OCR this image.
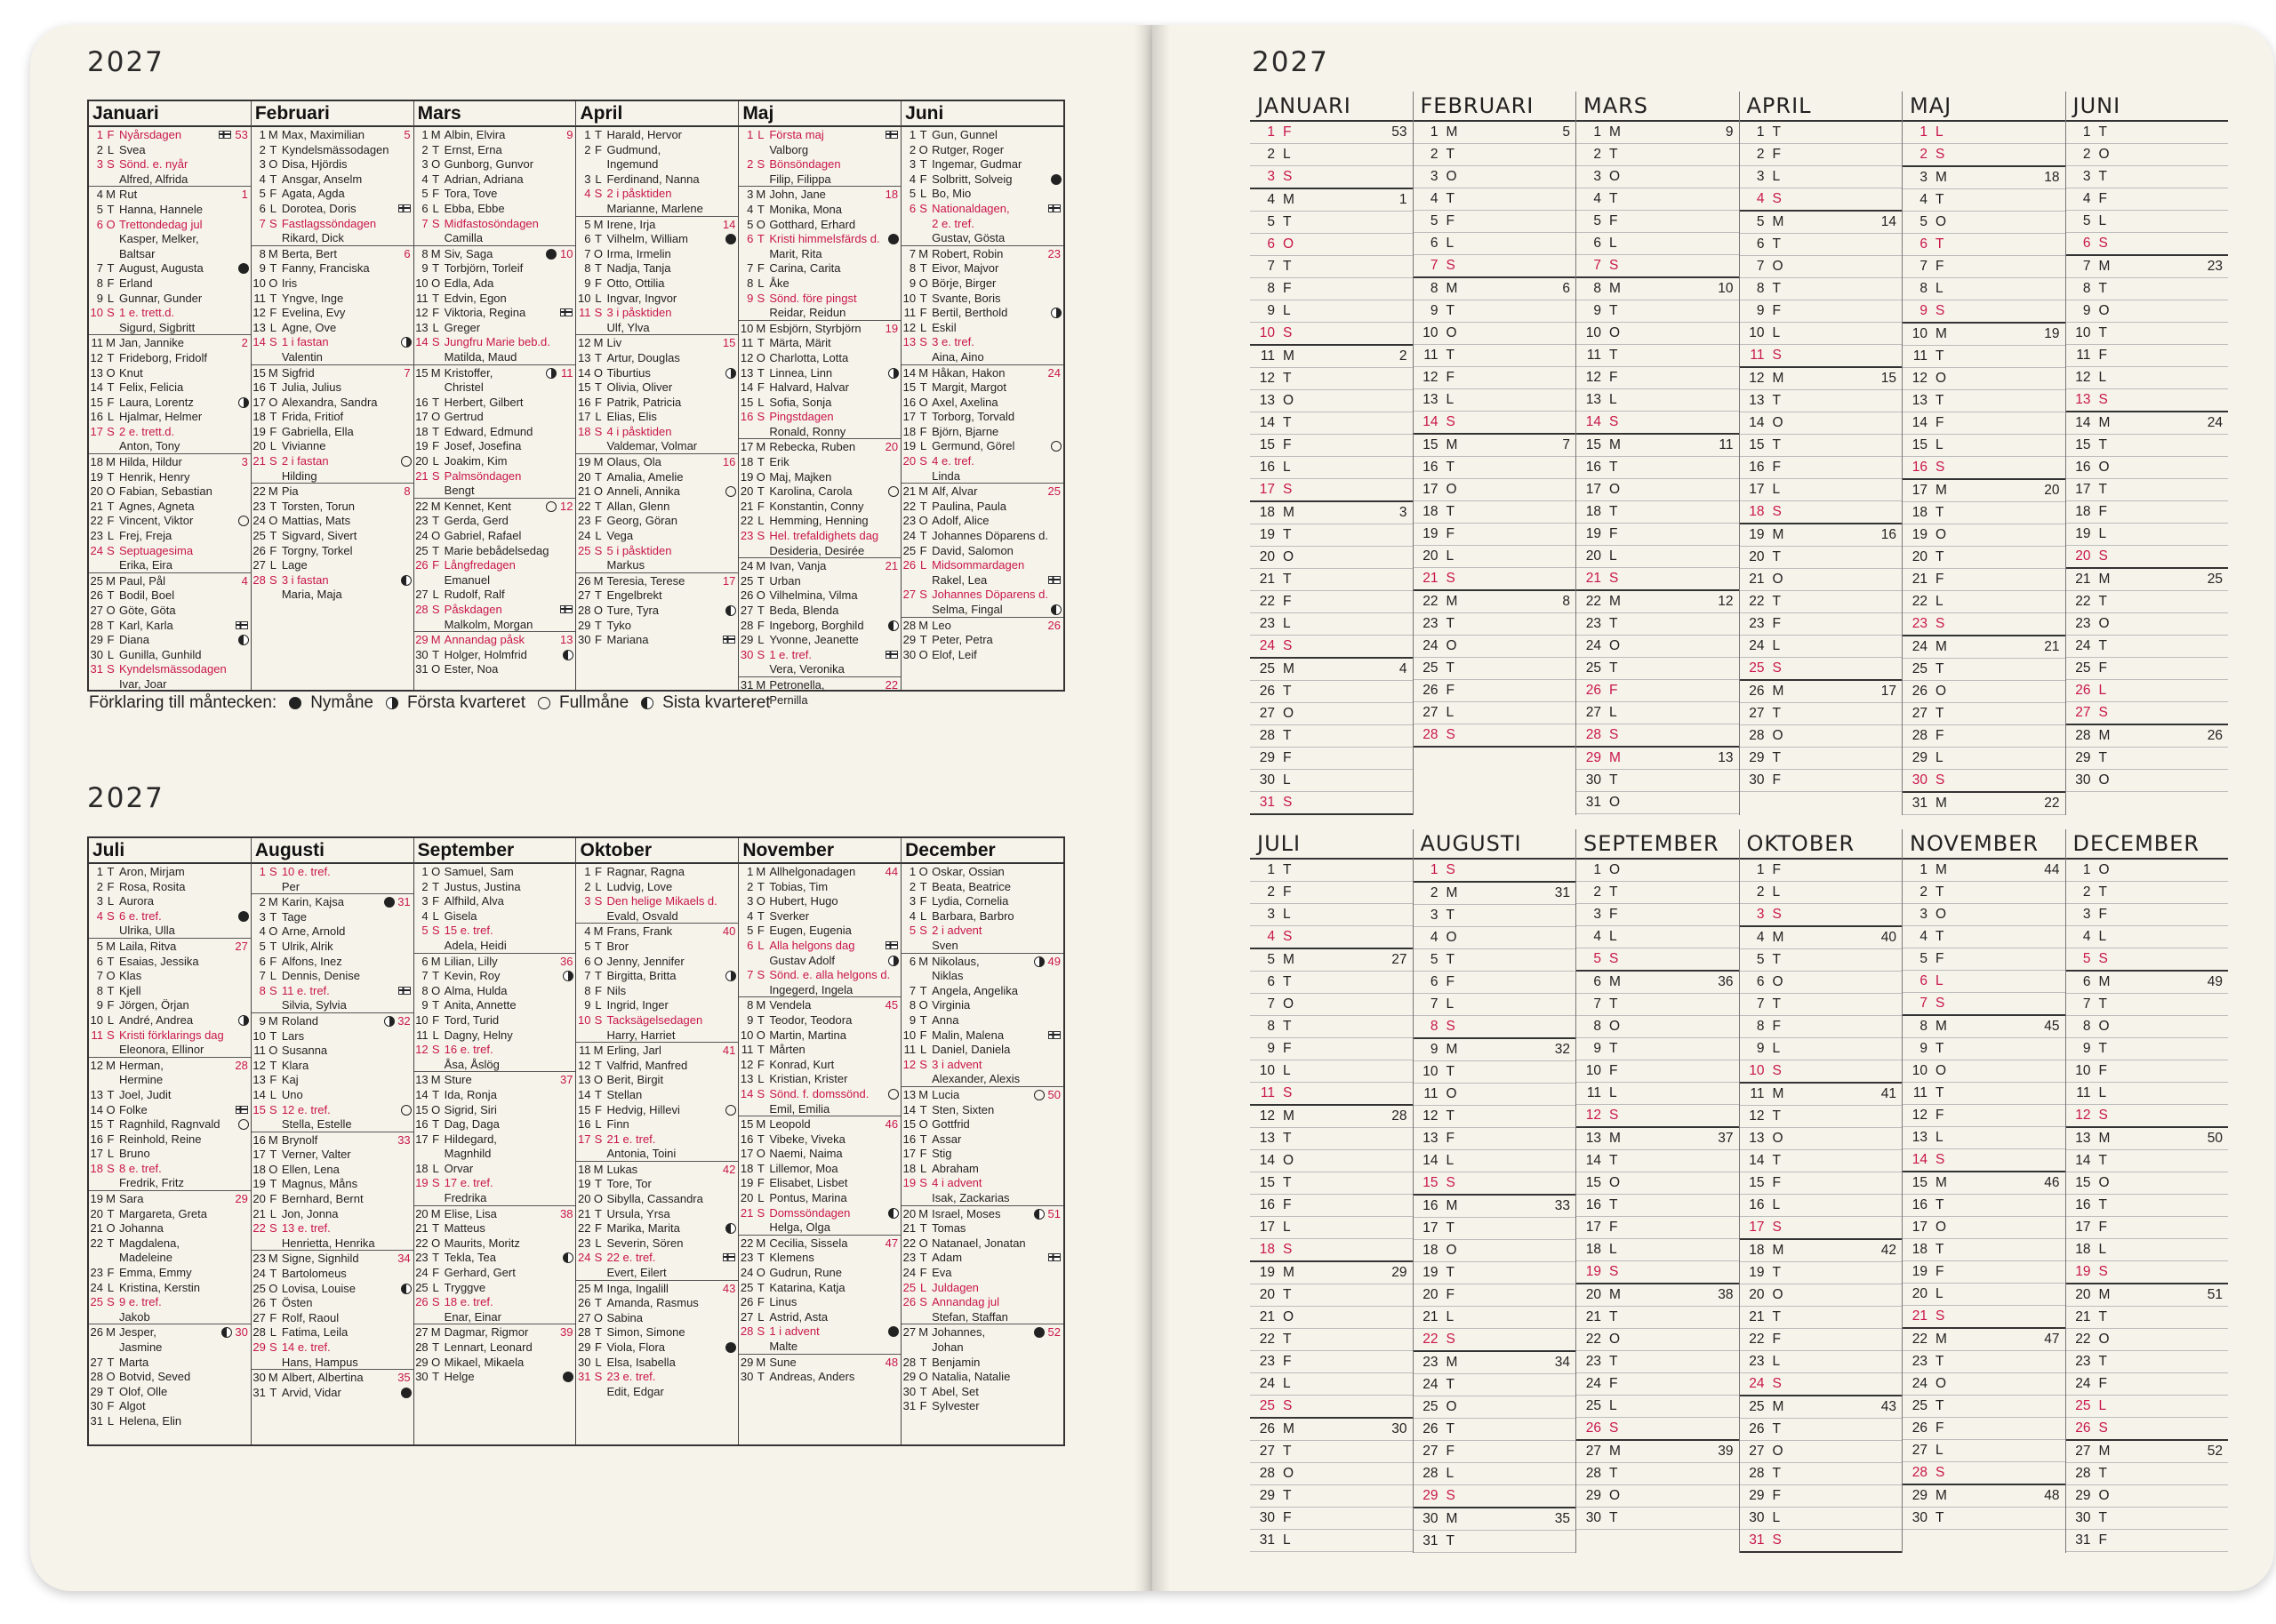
2027
2027
2027
Januari
1 F Nyårsdagen	53
2 L Svea
3 S Sönd. e. nyår
Alfred, Alfrida
4 M Rut	1
5 T Hanna, Hannele
6 O Trettondedag jul
Kasper, Melker,
Baltsar
7 T August, Augusta
8 F Erland
9 L Gunnar, Gunder
10 S 1 e. trett.d.
Sigurd, Sigbritt
11 M Jan, Jannike	2
12 T Frideborg, Fridolf
13 O Knut
14 T Felix, Felicia
15 F Laura, Lorentz
16 L Hjalmar, Helmer
17 S 2 e. trett.d.
Anton, Tony
18 M Hilda, Hildur	3
19 T Henrik, Henry
20 O Fabian, Sebastian
21 T Agnes, Agneta
22 F Vincent, Viktor
23 L Frej, Freja
24 S Septuagesima
Erika, Eira
25 M Paul, Pål	4
26 T Bodil, Boel
27 O Göte, Göta
28 T Karl, Karla
29 F Diana
30 L Gunilla, Gunhild
31 S Kyndelsmässodagen
Ivar, Joar
Februari
1 M Max, Maximilian	5
2 T Kyndelsmässodagen
3 O Disa, Hjördis
4 T Ansgar, Anselm
5 F Agata, Agda
6 L Dorotea, Doris
7 S Fastlagssöndagen
Rikard, Dick
8 M Berta, Bert	6
9 T Fanny, Franciska
10 O Iris
11 T Yngve, Inge
12 F Evelina, Evy
13 L Agne, Ove
14 S 1 i fastan
Valentin
15 M Sigfrid	7
16 T Julia, Julius
17 O Alexandra, Sandra
18 T Frida, Fritiof
19 F Gabriella, Ella
20 L Vivianne
21 S 2 i fastan
Hilding
22 M Pia	8
23 T Torsten, Torun
24 O Mattias, Mats
25 T Sigvard, Sivert
26 F Torgny, Torkel
27 L Lage
28 S 3 i fastan
Maria, Maja
Mars
1 M Albin, Elvira	9
2 T Ernst, Erna
3 O Gunborg, Gunvor
4 T Adrian, Adriana
5 F Tora, Tove
6 L Ebba, Ebbe
7 S Midfastosöndagen
Camilla
8 M Siv, Saga	10
9 T Torbjörn, Torleif
10 O Edla, Ada
11 T Edvin, Egon
12 F Viktoria, Regina
13 L Greger
14 S Jungfru Marie beb.d.
Matilda, Maud
15 M Kristoffer,	11
Christel
16 T Herbert, Gilbert
17 O Gertrud
18 T Edward, Edmund
19 F Josef, Josefina
20 L Joakim, Kim
21 S Palmsöndagen
Bengt
22 M Kennet, Kent	12
23 T Gerda, Gerd
24 O Gabriel, Rafael
25 T Marie bebådelsedag
26 F Långfredagen
Emanuel
27 L Rudolf, Ralf
28 S Påskdagen
Malkolm, Morgan
29 M Annandag påsk	13
30 T Holger, Holmfrid
31 O Ester, Noa
April
1 T Harald, Hervor
2 F Gudmund,
Ingemund
3 L Ferdinand, Nanna
4 S 2 i påsktiden
Marianne, Marlene
5 M Irene, Irja	14
6 T Vilhelm, William
7 O Irma, Irmelin
8 T Nadja, Tanja
9 F Otto, Ottilia
10 L Ingvar, Ingvor
11 S 3 i påsktiden
Ulf, Ylva
12 M Liv	15
13 T Artur, Douglas
14 O Tiburtius
15 T Olivia, Oliver
16 F Patrik, Patricia
17 L Elias, Elis
18 S 4 i påsktiden
Valdemar, Volmar
19 M Olaus, Ola	16
20 T Amalia, Amelie
21 O Anneli, Annika
22 T Allan, Glenn
23 F Georg, Göran
24 L Vega
25 S 5 i påsktiden
Markus
26 M Teresia, Terese	17
27 T Engelbrekt
28 O Ture, Tyra
29 T Tyko
30 F Mariana
Maj
1 L Första maj
Valborg
2 S Bönsöndagen
Filip, Filippa
3 M John, Jane	18
4 T Monika, Mona
5 O Gotthard, Erhard
6 T Kristi himmelsfärds d.
Marit, Rita
7 F Carina, Carita
8 L Åke
9 S Sönd. före pingst
Reidar, Reidun
10 M Esbjörn, Styrbjörn	19
11 T Märta, Märit
12 O Charlotta, Lotta
13 T Linnea, Linn
14 F Halvard, Halvar
15 L Sofia, Sonja
16 S Pingstdagen
Ronald, Ronny
17 M Rebecka, Ruben	20
18 T Erik
19 O Maj, Majken
20 T Karolina, Carola
21 F Konstantin, Conny
22 L Hemming, Henning
23 S Hel. trefaldighets dag
Desideria, Desirée
24 M Ivan, Vanja	21
25 T Urban
26 O Vilhelmina, Vilma
27 T Beda, Blenda
28 F Ingeborg, Borghild
29 L Yvonne, Jeanette
30 S 1 e. tref.
Vera, Veronika
31 M Petronella,	22
Pernilla
Juni
1 T Gun, Gunnel
2 O Rutger, Roger
3 T Ingemar, Gudmar
4 F Solbritt, Solveig
5 L Bo, Mio
6 S Nationaldagen,
2 e. tref.
Gustav, Gösta
7 M Robert, Robin	23
8 T Eivor, Majvor
9 O Börje, Birger
10 T Svante, Boris
11 F Bertil, Berthold
12 L Eskil
13 S 3 e. tref.
Aina, Aino
14 M Håkan, Hakon	24
15 T Margit, Margot
16 O Axel, Axelina
17 T Torborg, Torvald
18 F Björn, Bjarne
19 L Germund, Görel
20 S 4 e. tref.
Linda
21 M Alf, Alvar	25
22 T Paulina, Paula
23 O Adolf, Alice
24 T Johannes Döparens d.
25 F David, Salomon
26 L Midsommardagen
Rakel, Lea
27 S Johannes Döparens d.
Selma, Fingal
28 M Leo	26
29 T Peter, Petra
30 O Elof, Leif
Juli
1 T Aron, Mirjam
2 F Rosa, Rosita
3 L Aurora
4 S 6 e. tref.
Ulrika, Ulla
5 M Laila, Ritva	27
6 T Esaias, Jessika
7 O Klas
8 T Kjell
9 F Jörgen, Örjan
10 L André, Andrea
11 S Kristi förklarings dag
Eleonora, Ellinor
12 M Herman,	28
Hermine
13 T Joel, Judit
14 O Folke
15 T Ragnhild, Ragnvald
16 F Reinhold, Reine
17 L Bruno
18 S 8 e. tref.
Fredrik, Fritz
19 M Sara	29
20 T Margareta, Greta
21 O Johanna
22 T Magdalena,
Madeleine
23 F Emma, Emmy
24 L Kristina, Kerstin
25 S 9 e. tref.
Jakob
26 M Jesper,	30
Jasmine
27 T Marta
28 O Botvid, Seved
29 T Olof, Olle
30 F Algot
31 L Helena, Elin
Augusti
1 S 10 e. tref.
Per
2 M Karin, Kajsa	31
3 T Tage
4 O Arne, Arnold
5 T Ulrik, Alrik
6 F Alfons, Inez
7 L Dennis, Denise
8 S 11 e. tref.
Silvia, Sylvia
9 M Roland	32
10 T Lars
11 O Susanna
12 T Klara
13 F Kaj
14 L Uno
15 S 12 e. tref.
Stella, Estelle
16 M Brynolf	33
17 T Verner, Valter
18 O Ellen, Lena
19 T Magnus, Måns
20 F Bernhard, Bernt
21 L Jon, Jonna
22 S 13 e. tref.
Henrietta, Henrika
23 M Signe, Signhild	34
24 T Bartolomeus
25 O Lovisa, Louise
26 T Östen
27 F Rolf, Raoul
28 L Fatima, Leila
29 S 14 e. tref.
Hans, Hampus
30 M Albert, Albertina	35
31 T Arvid, Vidar
September
1 O Samuel, Sam
2 T Justus, Justina
3 F Alfhild, Alva
4 L Gisela
5 S 15 e. tref.
Adela, Heidi
6 M Lilian, Lilly	36
7 T Kevin, Roy
8 O Alma, Hulda
9 T Anita, Annette
10 F Tord, Turid
11 L Dagny, Helny
12 S 16 e. tref.
Åsa, Åslög
13 M Sture	37
14 T Ida, Ronja
15 O Sigrid, Siri
16 T Dag, Daga
17 F Hildegard,
Magnhild
18 L Orvar
19 S 17 e. tref.
Fredrika
20 M Elise, Lisa	38
21 T Matteus
22 O Maurits, Moritz
23 T Tekla, Tea
24 F Gerhard, Gert
25 L Tryggve
26 S 18 e. tref.
Enar, Einar
27 M Dagmar, Rigmor	39
28 T Lennart, Leonard
29 O Mikael, Mikaela
30 T Helge
Oktober
1 F Ragnar, Ragna
2 L Ludvig, Love
3 S Den helige Mikaels d.
Evald, Osvald
4 M Frans, Frank	40
5 T Bror
6 O Jenny, Jennifer
7 T Birgitta, Britta
8 F Nils
9 L Ingrid, Inger
10 S Tacksägelsedagen
Harry, Harriet
11 M Erling, Jarl	41
12 T Valfrid, Manfred
13 O Berit, Birgit
14 T Stellan
15 F Hedvig, Hillevi
16 L Finn
17 S 21 e. tref.
Antonia, Toini
18 M Lukas	42
19 T Tore, Tor
20 O Sibylla, Cassandra
21 T Ursula, Yrsa
22 F Marika, Marita
23 L Severin, Sören
24 S 22 e. tref.
Evert, Eilert
25 M Inga, Ingalill	43
26 T Amanda, Rasmus
27 O Sabina
28 T Simon, Simone
29 F Viola, Flora
30 L Elsa, Isabella
31 S 23 e. tref.
Edit, Edgar
November
1 M Allhelgonadagen	44
2 T Tobias, Tim
3 O Hubert, Hugo
4 T Sverker
5 F Eugen, Eugenia
6 L Alla helgons dag
Gustav Adolf
7 S Sönd. e. alla helgons d.
Ingegerd, Ingela
8 M Vendela	45
9 T Teodor, Teodora
10 O Martin, Martina
11 T Mårten
12 F Konrad, Kurt
13 L Kristian, Krister
14 S Sönd. f. domssönd.
Emil, Emilia
15 M Leopold	46
16 T Vibeke, Viveka
17 O Naemi, Naima
18 T Lillemor, Moa
19 F Elisabet, Lisbet
20 L Pontus, Marina
21 S Domssöndagen
Helga, Olga
22 M Cecilia, Sissela	47
23 T Klemens
24 O Gudrun, Rune
25 T Katarina, Katja
26 F Linus
27 L Astrid, Asta
28 S 1 i advent
Malte
29 M Sune	48
30 T Andreas, Anders
December
1 O Oskar, Ossian
2 T Beata, Beatrice
3 F Lydia, Cornelia
4 L Barbara, Barbro
5 S 2 i advent
Sven
6 M Nikolaus,	49
Niklas
7 T Angela, Angelika
8 O Virginia
9 T Anna
10 F Malin, Malena
11 L Daniel, Daniela
12 S 3 i advent
Alexander, Alexis
13 M Lucia	50
14 T Sten, Sixten
15 O Gottfrid
16 T Assar
17 F Stig
18 L Abraham
19 S 4 i advent
Isak, Zackarias
20 M Israel, Moses	51
21 T Tomas
22 O Natanael, Jonatan
23 T Adam
24 F Eva
25 L Juldagen
26 S Annandag jul
Stefan, Staffan
27 M Johannes,	52
Johan
28 T Benjamin
29 O Natalia, Natalie
30 T Abel, Set
31 F Sylvester
Förklaring till måntecken: Nymåne Första kvarteret Fullmåne Sista kvarteret
JANUARI
1 F	53
2 L
3 S
4 M	1
5 T
6 O
7 T
8 F
9 L
10 S
11 M	2
12 T
13 O
14 T
15 F
16 L
17 S
18 M	3
19 T
20 O
21 T
22 F
23 L
24 S
25 M	4
26 T
27 O
28 T
29 F
30 L
31 S
FEBRUARI
1 M	5
2 T
3 O
4 T
5 F
6 L
7 S
8 M	6
9 T
10 O
11 T
12 F
13 L
14 S
15 M	7
16 T
17 O
18 T
19 F
20 L
21 S
22 M	8
23 T
24 O
25 T
26 F
27 L
28 S
MARS
1 M	9
2 T
3 O
4 T
5 F
6 L
7 S
8 M	10
9 T
10 O
11 T
12 F
13 L
14 S
15 M	11
16 T
17 O
18 T
19 F
20 L
21 S
22 M	12
23 T
24 O
25 T
26 F
27 L
28 S
29 M	13
30 T
31 O
APRIL
1 T
2 F
3 L
4 S
5 M	14
6 T
7 O
8 T
9 F
10 L
11 S
12 M	15
13 T
14 O
15 T
16 F
17 L
18 S
19 M	16
20 T
21 O
22 T
23 F
24 L
25 S
26 M	17
27 T
28 O
29 T
30 F
MAJ
1 L
2 S
3 M	18
4 T
5 O
6 T
7 F
8 L
9 S
10 M	19
11 T
12 O
13 T
14 F
15 L
16 S
17 M	20
18 T
19 O
20 T
21 F
22 L
23 S
24 M	21
25 T
26 O
27 T
28 F
29 L
30 S
31 M	22
JUNI
1 T
2 O
3 T
4 F
5 L
6 S
7 M	23
8 T
9 O
10 T
11 F
12 L
13 S
14 M	24
15 T
16 O
17 T
18 F
19 L
20 S
21 M	25
22 T
23 O
24 T
25 F
26 L
27 S
28 M	26
29 T
30 O
JULI
1 T
2 F
3 L
4 S
5 M	27
6 T
7 O
8 T
9 F
10 L
11 S
12 M	28
13 T
14 O
15 T
16 F
17 L
18 S
19 M	29
20 T
21 O
22 T
23 F
24 L
25 S
26 M	30
27 T
28 O
29 T
30 F
31 L
AUGUSTI
1 S
2 M	31
3 T
4 O
5 T
6 F
7 L
8 S
9 M	32
10 T
11 O
12 T
13 F
14 L
15 S
16 M	33
17 T
18 O
19 T
20 F
21 L
22 S
23 M	34
24 T
25 O
26 T
27 F
28 L
29 S
30 M	35
31 T
SEPTEMBER
1 O
2 T
3 F
4 L
5 S
6 M	36
7 T
8 O
9 T
10 F
11 L
12 S
13 M	37
14 T
15 O
16 T
17 F
18 L
19 S
20 M	38
21 T
22 O
23 T
24 F
25 L
26 S
27 M	39
28 T
29 O
30 T
OKTOBER
1 F
2 L
3 S
4 M	40
5 T
6 O
7 T
8 F
9 L
10 S
11 M	41
12 T
13 O
14 T
15 F
16 L
17 S
18 M	42
19 T
20 O
21 T
22 F
23 L
24 S
25 M	43
26 T
27 O
28 T
29 F
30 L
31 S
NOVEMBER
1 M	44
2 T
3 O
4 T
5 F
6 L
7 S
8 M	45
9 T
10 O
11 T
12 F
13 L
14 S
15 M	46
16 T
17 O
18 T
19 F
20 L
21 S
22 M	47
23 T
24 O
25 T
26 F
27 L
28 S
29 M	48
30 T
DECEMBER
1 O
2 T
3 F
4 L
5 S
6 M	49
7 T
8 O
9 T
10 F
11 L
12 S
13 M	50
14 T
15 O
16 T
17 F
18 L
19 S
20 M	51
21 T
22 O
23 T
24 F
25 L
26 S
27 M	52
28 T
29 O
30 T
31 F
